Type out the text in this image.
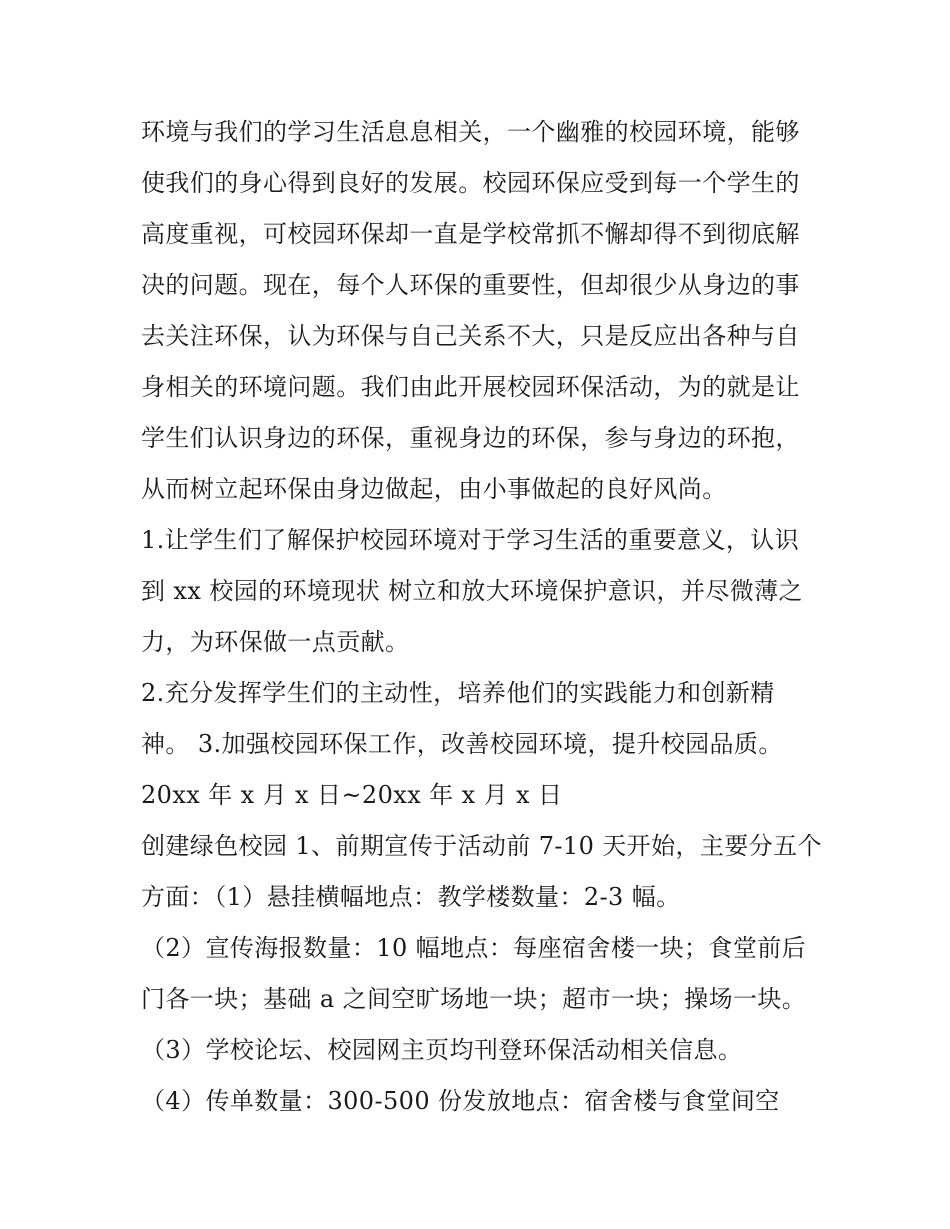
环境与我们的学习生活息息相关，一个幽雅的校园环境，能够
使我们的身心得到良好的发展。校园环保应受到每一个学生的
高度重视，可校园环保却一直是学校常抓不懈却得不到彻底解
决的问题。现在，每个人环保的重要性，但却很少从身边的事
去关注环保，认为环保与自己关系不大，只是反应出各种与自
身相关的环境问题。我们由此开展校园环保活动，为的就是让
学生们认识身边的环保，重视身边的环保，参与身边的环抱，
从而树立起环保由身边做起，由小事做起的良好风尚。
1.让学生们了解保护校园环境对于学习生活的重要意义，认识
到 xx 校园的环境现状 树立和放大环境保护意识，并尽微薄之
力，为环保做一点贡献。
2.充分发挥学生们的主动性，培养他们的实践能力和创新精
神。 3.加强校园环保工作，改善校园环境，提升校园品质。
20xx 年 x 月 x 日~20xx 年 x 月 x 日
创建绿色校园 1、前期宣传于活动前 7-10 天开始，主要分五个
方面：（1）悬挂横幅地点：教学楼数量：2-3 幅。
（2）宣传海报数量：10 幅地点：每座宿舍楼一块；食堂前后
门各一块；基础 a 之间空旷场地一块；超市一块；操场一块。
（3）学校论坛、校园网主页均刊登环保活动相关信息。
（4）传单数量：300-500 份发放地点：宿舍楼与食堂间空
